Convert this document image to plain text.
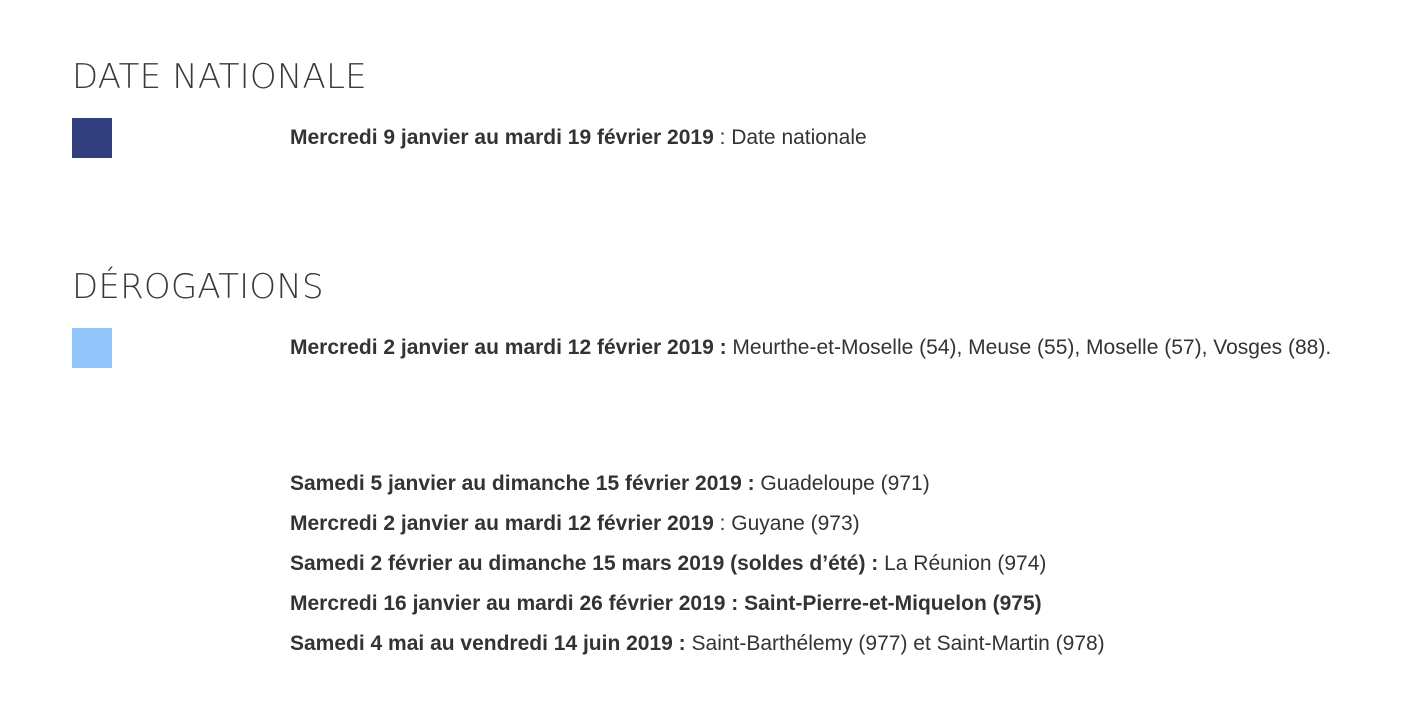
DATE NATIONALE
Mercredi 9 janvier au mardi 19 février 2019 : Date nationale
DÉROGATIONS
Mercredi 2 janvier au mardi 12 février 2019 : Meurthe-et-Moselle (54), Meuse (55), Moselle (57), Vosges (88).
Samedi 5 janvier au dimanche 15 février 2019 : Guadeloupe (971)
Mercredi 2 janvier au mardi 12 février 2019 : Guyane (973)
Samedi 2 février au dimanche 15 mars 2019 (soldes d’été) : La Réunion (974)
Mercredi 16 janvier au mardi 26 février 2019 : Saint-Pierre-et-Miquelon (975)
Samedi 4 mai au vendredi 14 juin 2019 : Saint-Barthélemy (977) et Saint-Martin (978)
